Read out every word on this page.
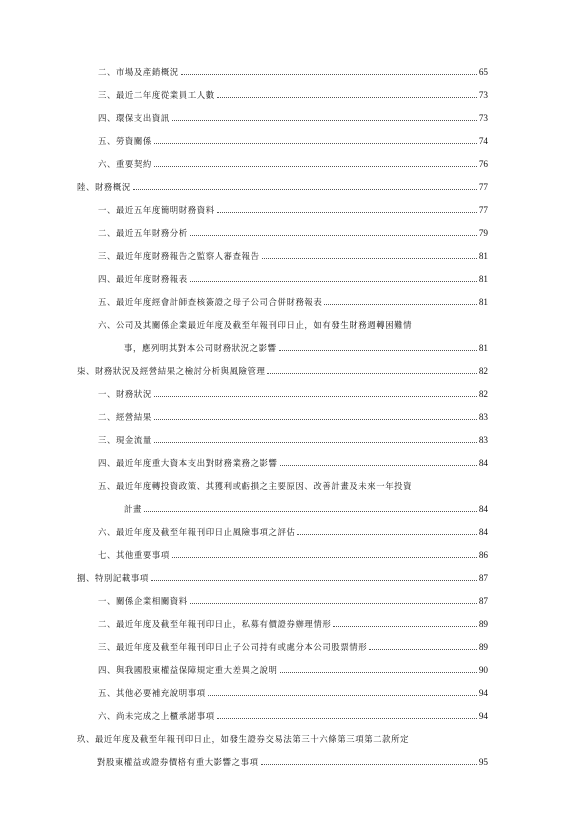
二、市場及產銷概況	65
三、最近二年度從業員工人數	73
四、環保支出資訊	73
五、勞資關係	74
六、重要契約	76
陸、財務概況	77
一、最近五年度簡明財務資料	77
二、最近五年財務分析	79
三、最近年度財務報告之監察人審查報告	81
四、最近年度財務報表	81
五、最近年度經會計師查核簽證之母子公司合併財務報表	81
六、公司及其關係企業最近年度及截至年報刊印日止，如有發生財務週轉困難情
事，應列明其對本公司財務狀況之影響	81
柒、財務狀況及經營結果之檢討分析與風險管理	82
一、財務狀況	82
二、經營結果	83
三、現金流量	83
四、最近年度重大資本支出對財務業務之影響	84
五、最近年度轉投資政策、其獲利或虧損之主要原因、改善計畫及未來一年投資
計畫	84
六、最近年度及截至年報刊印日止風險事項之評估	84
七、其他重要事項	86
捌、特別記載事項	87
一、關係企業相關資料	87
二、最近年度及截至年報刊印日止，私募有價證券辦理情形	89
三、最近年度及截至年報刊印日止子公司持有或處分本公司股票情形	89
四、與我國股東權益保障規定重大差異之說明	90
五、其他必要補充說明事項	94
六、尚未完成之上櫃承諾事項	94
玖、最近年度及截至年報刊印日止，如發生證券交易法第三十六條第三項第二款所定
對股東權益或證券價格有重大影響之事項	95
